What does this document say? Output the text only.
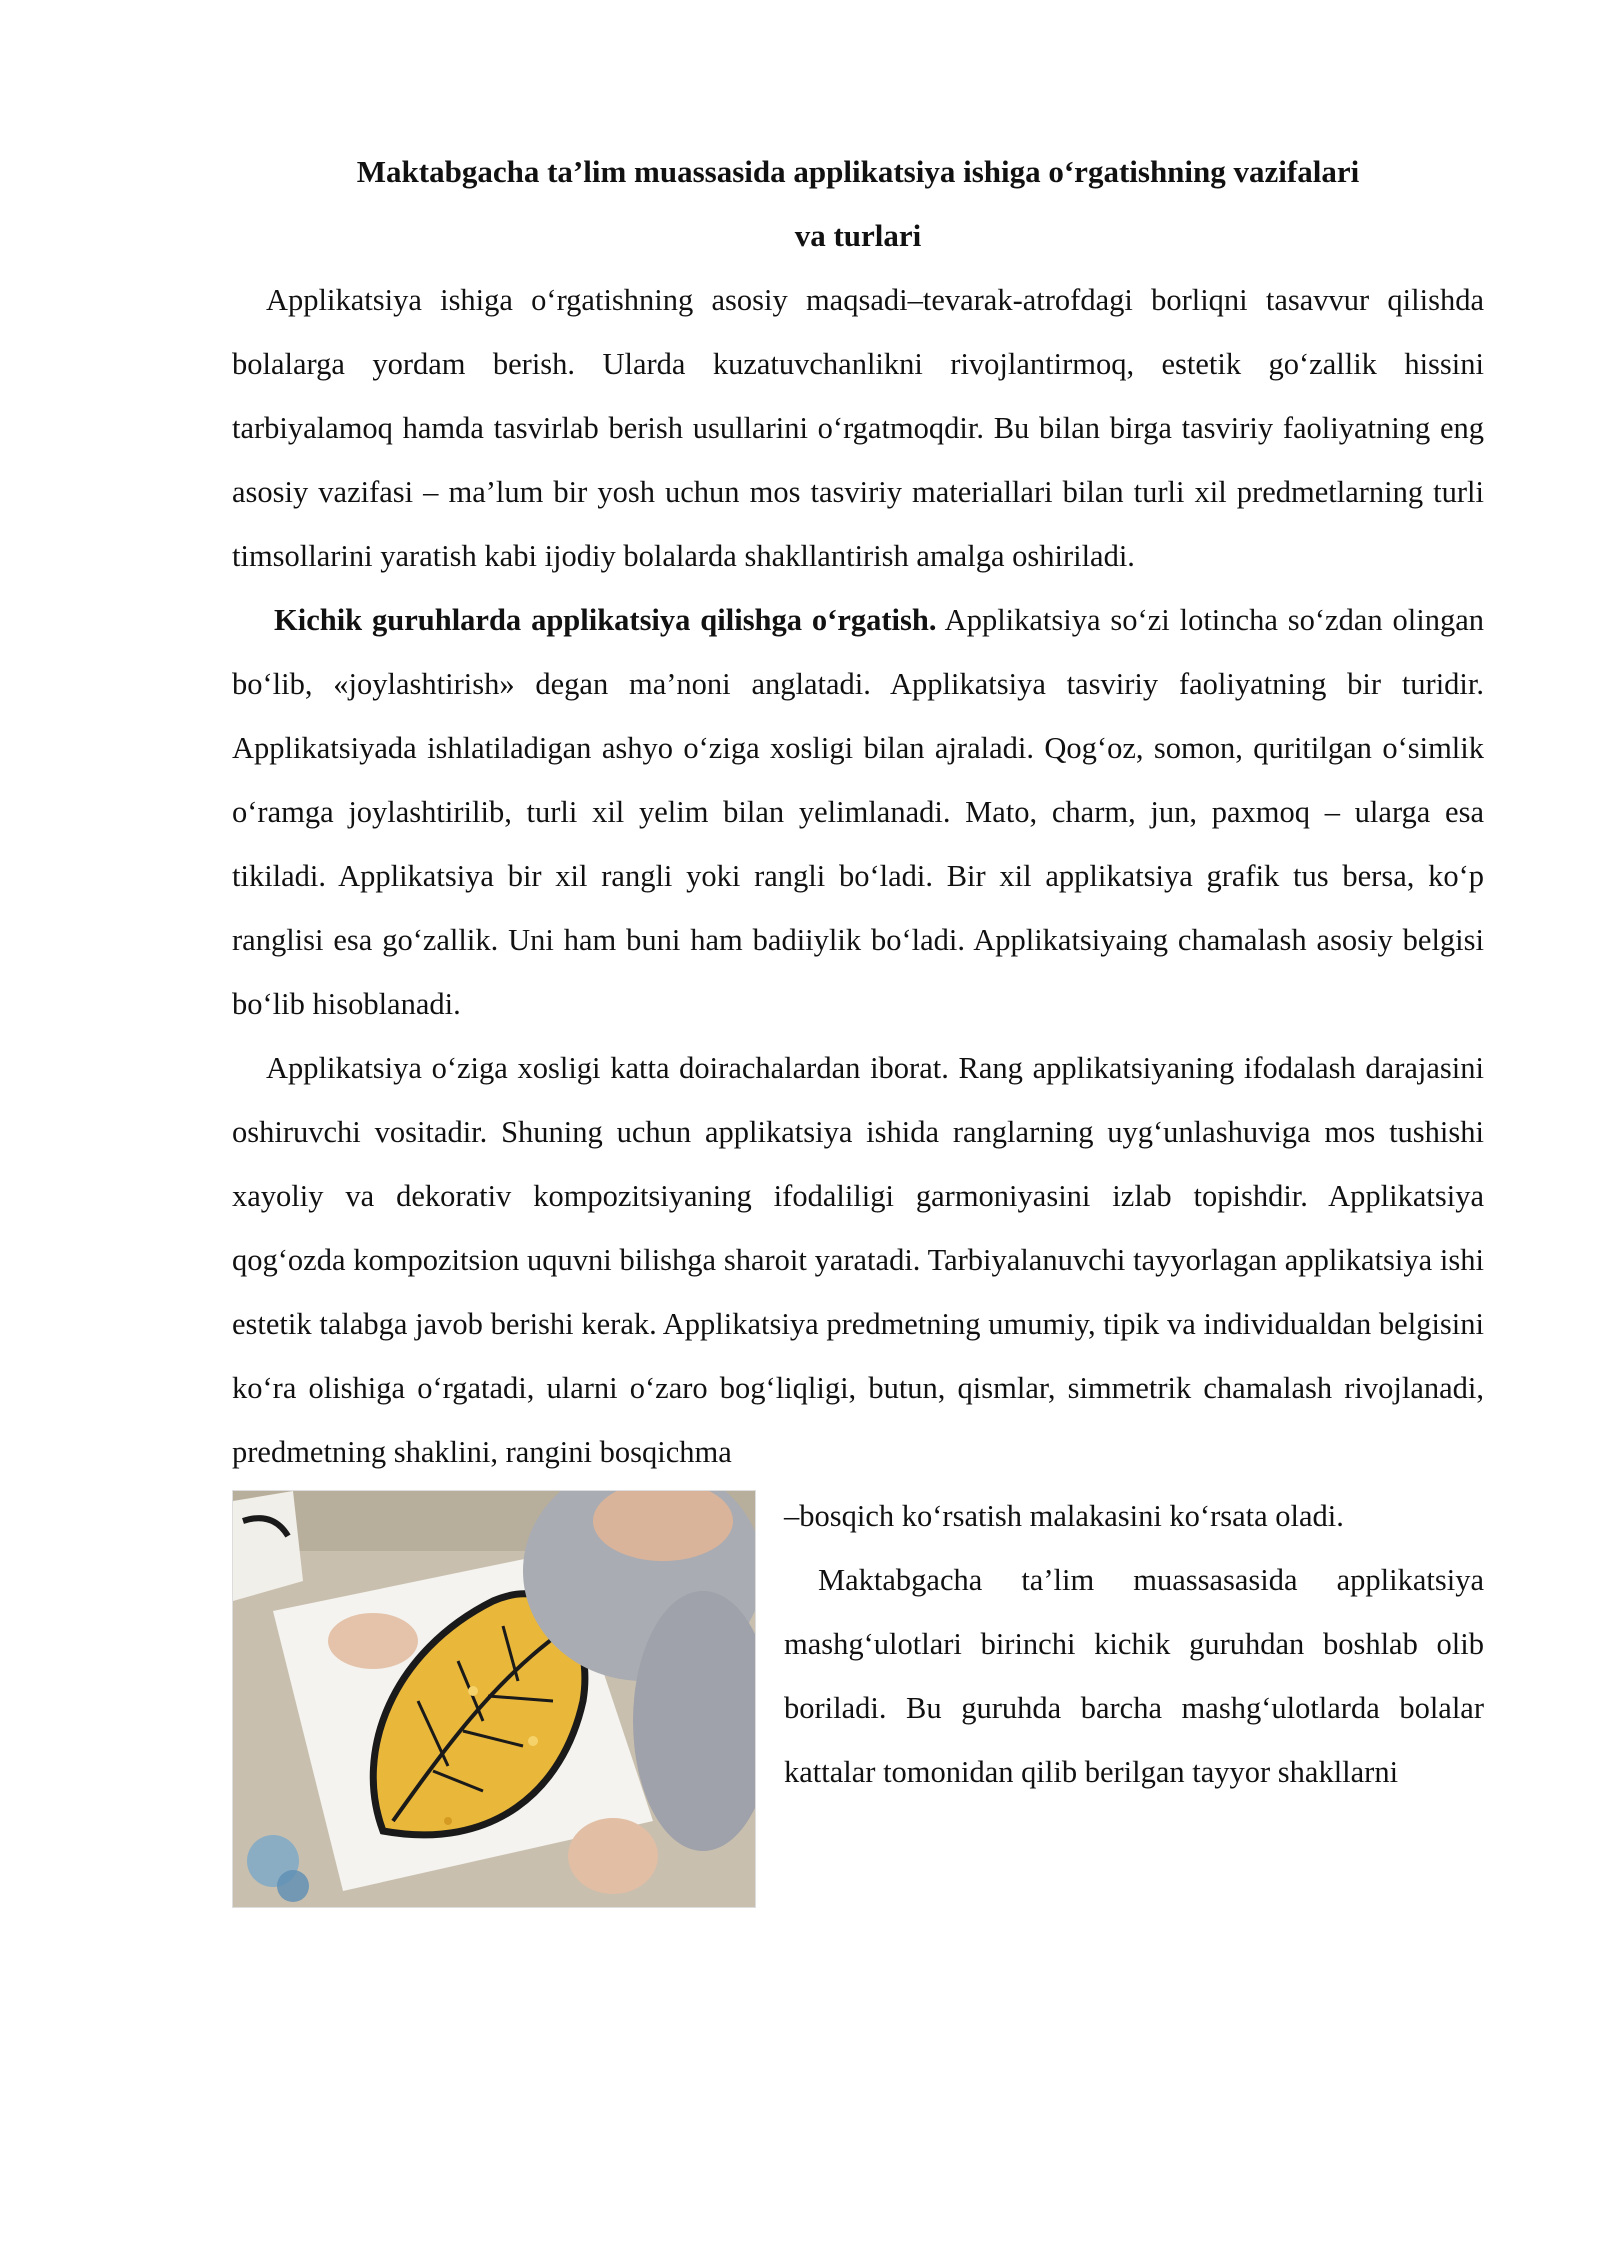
Maktabgacha ta’lim muassasida applikatsiya ishiga o‘rgatishning vazifalari

va turlari

Applikatsiya ishiga o‘rgatishning asosiy maqsadi–tevarak-atrofdagi borliqni tasavvur qilishda bolalarga yordam berish. Ularda kuzatuvchanlikni rivojlantirmoq, estetik go‘zallik hissini tarbiyalamoq hamda tasvirlab berish usullarini o‘rgatmoqdir. Bu bilan birga tasviriy faoliyatning eng asosiy vazifasi – ma’lum bir yosh uchun mos tasviriy materiallari bilan turli xil predmetlarning turli timsollarini yaratish kabi ijodiy bolalarda shakllantirish amalga oshiriladi.

Kichik guruhlarda applikatsiya qilishga o‘rgatish. Applikatsiya so‘zi lotincha so‘zdan olingan bo‘lib, «joylashtirish» degan ma’noni anglatadi. Applikatsiya tasviriy faoliyatning bir turidir. Applikatsiyada ishlatiladigan ashyo o‘ziga xosligi bilan ajraladi. Qog‘oz, somon, quritilgan o‘simlik o‘ramga joylashtirilib, turli xil yelim bilan yelimlanadi. Mato, charm, jun, paxmoq – ularga esa tikiladi. Applikatsiya bir xil rangli yoki rangli bo‘ladi. Bir xil applikatsiya grafik tus bersa, ko‘p ranglisi esa go‘zallik. Uni ham buni ham badiiylik bo‘ladi. Applikatsiyaing chamalash asosiy belgisi bo‘lib hisoblanadi.

Applikatsiya o‘ziga xosligi katta doirachalardan iborat. Rang applikatsiyaning ifodalash darajasini oshiruvchi vositadir. Shuning uchun applikatsiya ishida ranglarning uyg‘unlashuviga mos tushishi xayoliy va dekorativ kompozitsiyaning ifodaliligi garmoniyasini izlab topishdir. Applikatsiya qog‘ozda kompozitsion uquvni bilishga sharoit yaratadi. Tarbiyalanuvchi tayyorlagan applikatsiya ishi estetik talabga javob berishi kerak. Applikatsiya predmetning umumiy, tipik va individualdan belgisini ko‘ra olishiga o‘rgatadi, ularni o‘zaro bog‘liqligi, butun, qismlar, simmetrik chamalash rivojlanadi, predmetning shaklini, rangini bosqichma

–bosqich ko‘rsatish malakasini ko‘rsata oladi.

Maktabgacha ta’lim muassasasida applikatsiya mashg‘ulotlari birinchi kichik guruhdan boshlab olib boriladi. Bu guruhda barcha mashg‘ulotlarda bolalar kattalar tomonidan qilib berilgan tayyor shakllarni
